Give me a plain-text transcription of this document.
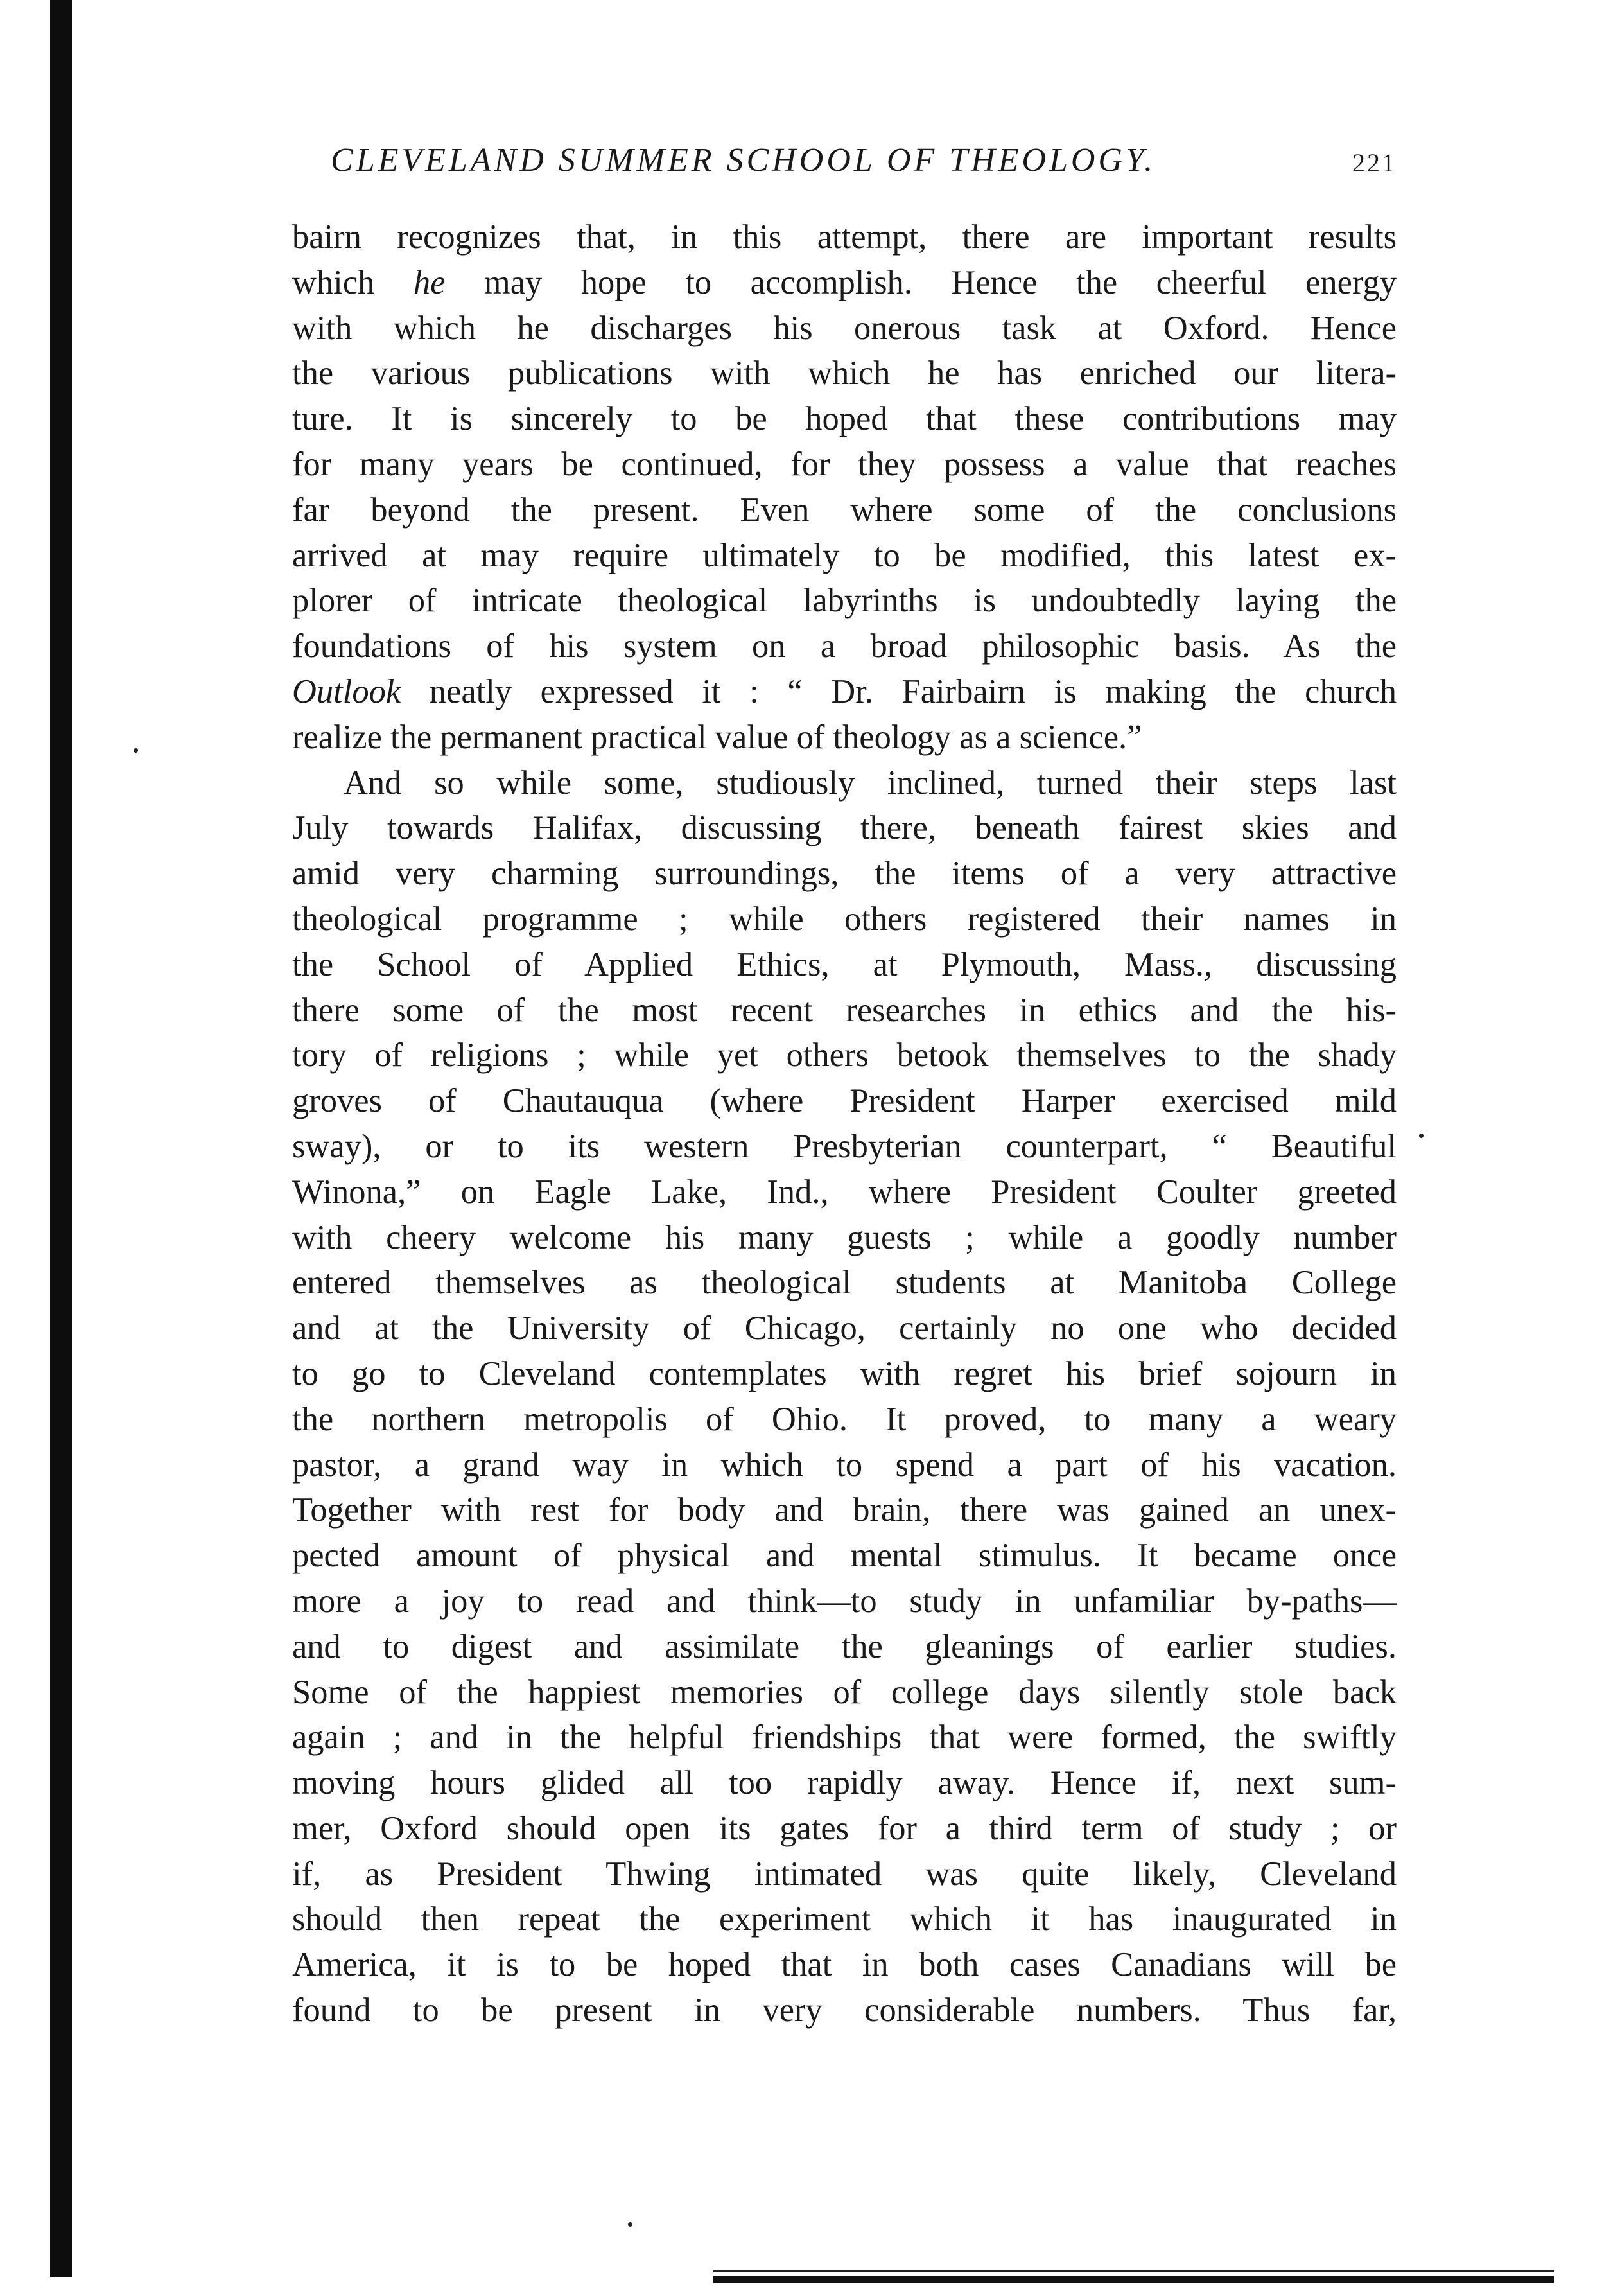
CLEVELAND SUMMER SCHOOL OF THEOLOGY.	221
bairn recognizes that, in this attempt, there are important results
which he may hope to accomplish. Hence the cheerful energy
with which he discharges his onerous task at Oxford. Hence
the various publications with which he has enriched our litera-
ture. It is sincerely to be hoped that these contributions may
for many years be continued, for they possess a value that reaches
far beyond the present. Even where some of the conclusions
arrived at may require ultimately to be modified, this latest ex-
plorer of intricate theological labyrinths is undoubtedly laying the
foundations of his system on a broad philosophic basis. As the
Outlook neatly expressed it : “ Dr. Fairbairn is making the church
realize the permanent practical value of theology as a science.”
And so while some, studiously inclined, turned their steps last
July towards Halifax, discussing there, beneath fairest skies and
amid very charming surroundings, the items of a very attractive
theological programme ; while others registered their names in
the School of Applied Ethics, at Plymouth, Mass., discussing
there some of the most recent researches in ethics and the his-
tory of religions ; while yet others betook themselves to the shady
groves of Chautauqua (where President Harper exercised mild
sway), or to its western Presbyterian counterpart, “ Beautiful
Winona,” on Eagle Lake, Ind., where President Coulter greeted
with cheery welcome his many guests ; while a goodly number
entered themselves as theological students at Manitoba College
and at the University of Chicago, certainly no one who decided
to go to Cleveland contemplates with regret his brief sojourn in
the northern metropolis of Ohio. It proved, to many a weary
pastor, a grand way in which to spend a part of his vacation.
Together with rest for body and brain, there was gained an unex-
pected amount of physical and mental stimulus. It became once
more a joy to read and think—to study in unfamiliar by-paths—
and to digest and assimilate the gleanings of earlier studies.
Some of the happiest memories of college days silently stole back
again ; and in the helpful friendships that were formed, the swiftly
moving hours glided all too rapidly away. Hence if, next sum-
mer, Oxford should open its gates for a third term of study ; or
if, as President Thwing intimated was quite likely, Cleveland
should then repeat the experiment which it has inaugurated in
America, it is to be hoped that in both cases Canadians will be
found to be present in very considerable numbers. Thus far,
